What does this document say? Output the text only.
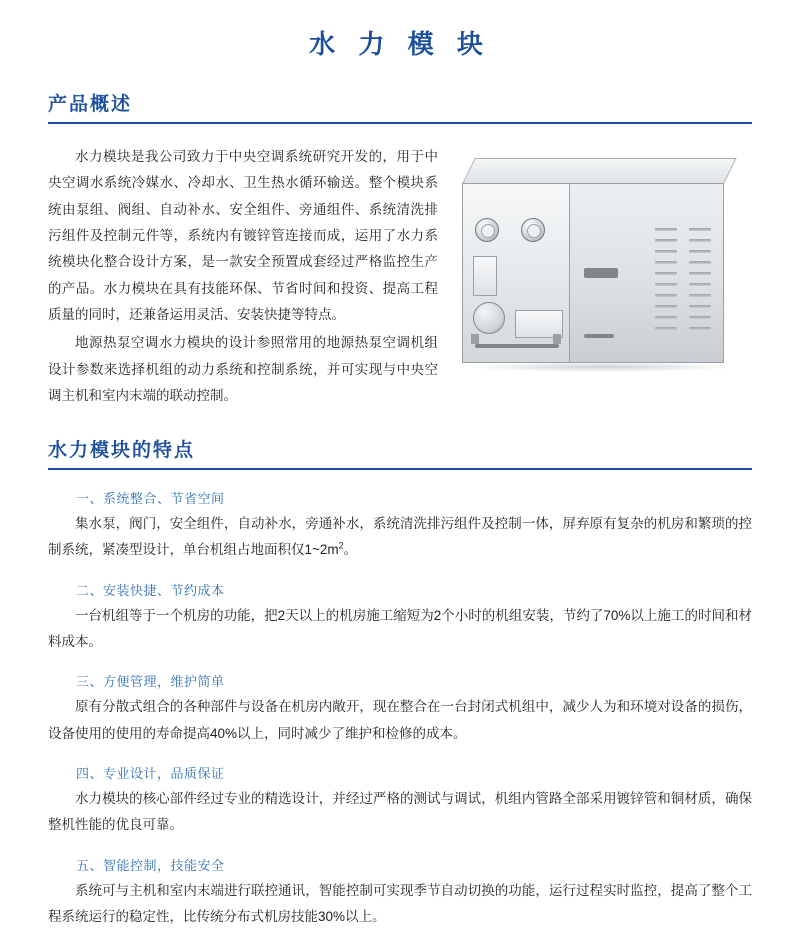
水 力 模 块
产品概述

水力模块是我公司致力于中央空调系统研究开发的，用于中央空调水系统冷媒水、冷却水、卫生热水循环输送。整个模块系统由泵组、阀组、自动补水、安全组件、旁通组件、系统清洗排污组件及控制元件等，系统内有镀锌管连接而成，运用了水力系统模块化整合设计方案，是一款安全预置成套经过严格监控生产的产品。水力模块在具有技能环保、节省时间和投资、提高工程质量的同时，还兼备运用灵活、安装快捷等特点。

地源热泵空调水力模块的设计参照常用的地源热泵空调机组设计参数来选择机组的动力系统和控制系统，并可实现与中央空调主机和室内末端的联动控制。

水力模块的特点
一、系统整合、节省空间

集水泵，阀门，安全组件，自动补水，旁通补水，系统清洗排污组件及控制一体，屏弃原有复杂的机房和繁琐的控制系统，紧凑型设计，单台机组占地面积仅$1\sim 2m^2$。

二、安装快捷、节约成本

一台机组等于一个机房的功能，把2天以上的机房施工缩短为2个小时的机组安装，节约了70%以上施工的时间和材料成本。

三、方便管理，维护简单

原有分散式组合的各种部件与设备在机房内敞开，现在整合在一台封闭式机组中，减少人为和环境对设备的损伤，设备使用的使用的寿命提高40%以上，同时减少了维护和检修的成本。

四、专业设计，品质保证

水力模块的核心部件经过专业的精选设计，并经过严格的测试与调试，机组内管路全部采用镀锌管和铜材质，确保整机性能的优良可靠。

五、智能控制，技能安全

系统可与主机和室内末端进行联控通讯，智能控制可实现季节自动切换的功能，运行过程实时监控，提高了整个工程系统运行的稳定性，比传统分布式机房技能30%以上。
